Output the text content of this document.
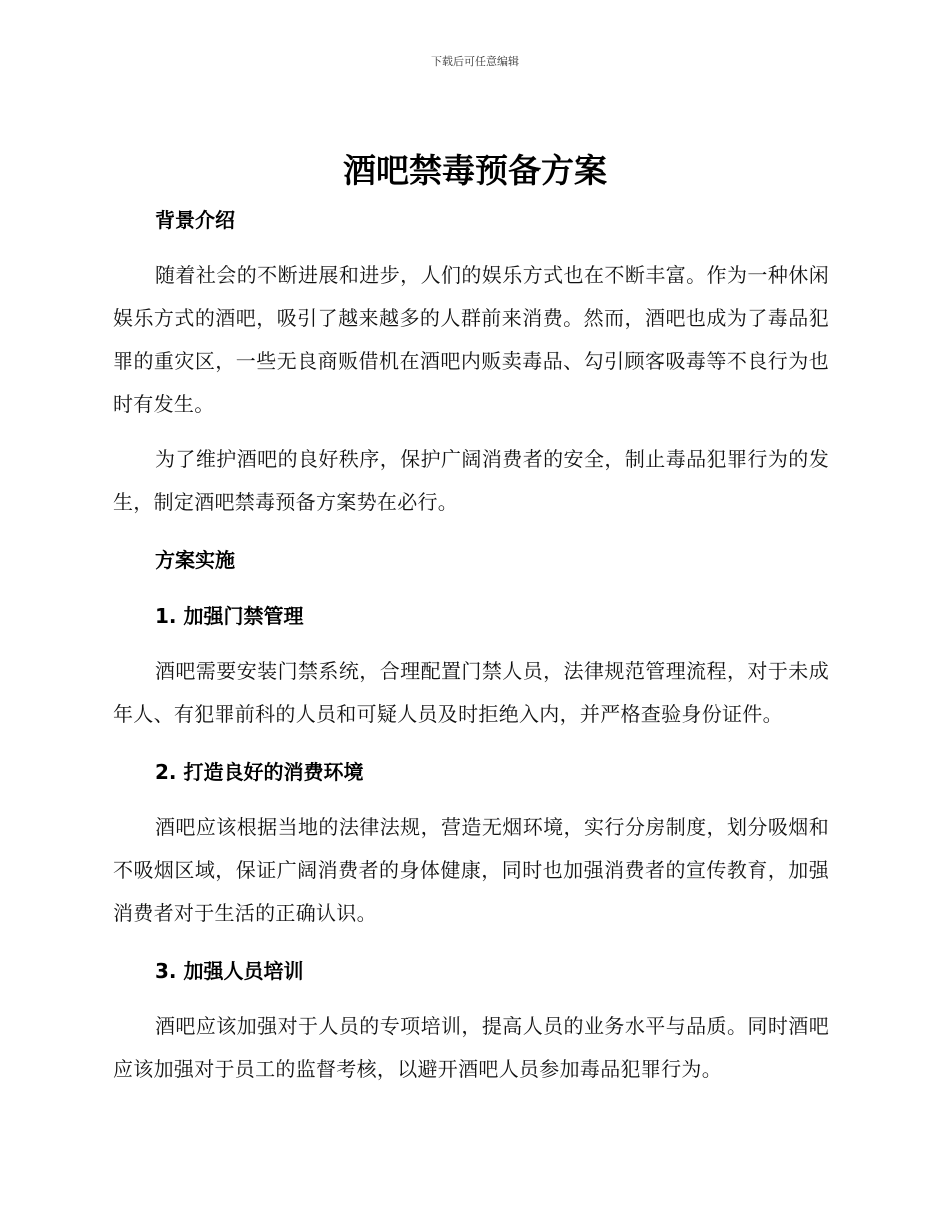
下载后可任意编辑
酒吧禁毒预备方案
背景介绍

随着社会的不断进展和进步，人们的娱乐方式也在不断丰富。作为一种休闲娱乐方式的酒吧，吸引了越来越多的人群前来消费。然而，酒吧也成为了毒品犯罪的重灾区，一些无良商贩借机在酒吧内贩卖毒品、勾引顾客吸毒等不良行为也时有发生。

为了维护酒吧的良好秩序，保护广阔消费者的安全，制止毒品犯罪行为的发生，制定酒吧禁毒预备方案势在必行。

方案实施
1. 加强门禁管理

酒吧需要安装门禁系统，合理配置门禁人员，法律规范管理流程，对于未成年人、有犯罪前科的人员和可疑人员及时拒绝入内，并严格查验身份证件。

2. 打造良好的消费环境

酒吧应该根据当地的法律法规，营造无烟环境，实行分房制度，划分吸烟和不吸烟区域，保证广阔消费者的身体健康，同时也加强消费者的宣传教育，加强消费者对于生活的正确认识。

3. 加强人员培训

酒吧应该加强对于人员的专项培训，提高人员的业务水平与品质。同时酒吧应该加强对于员工的监督考核，以避开酒吧人员参加毒品犯罪行为。
